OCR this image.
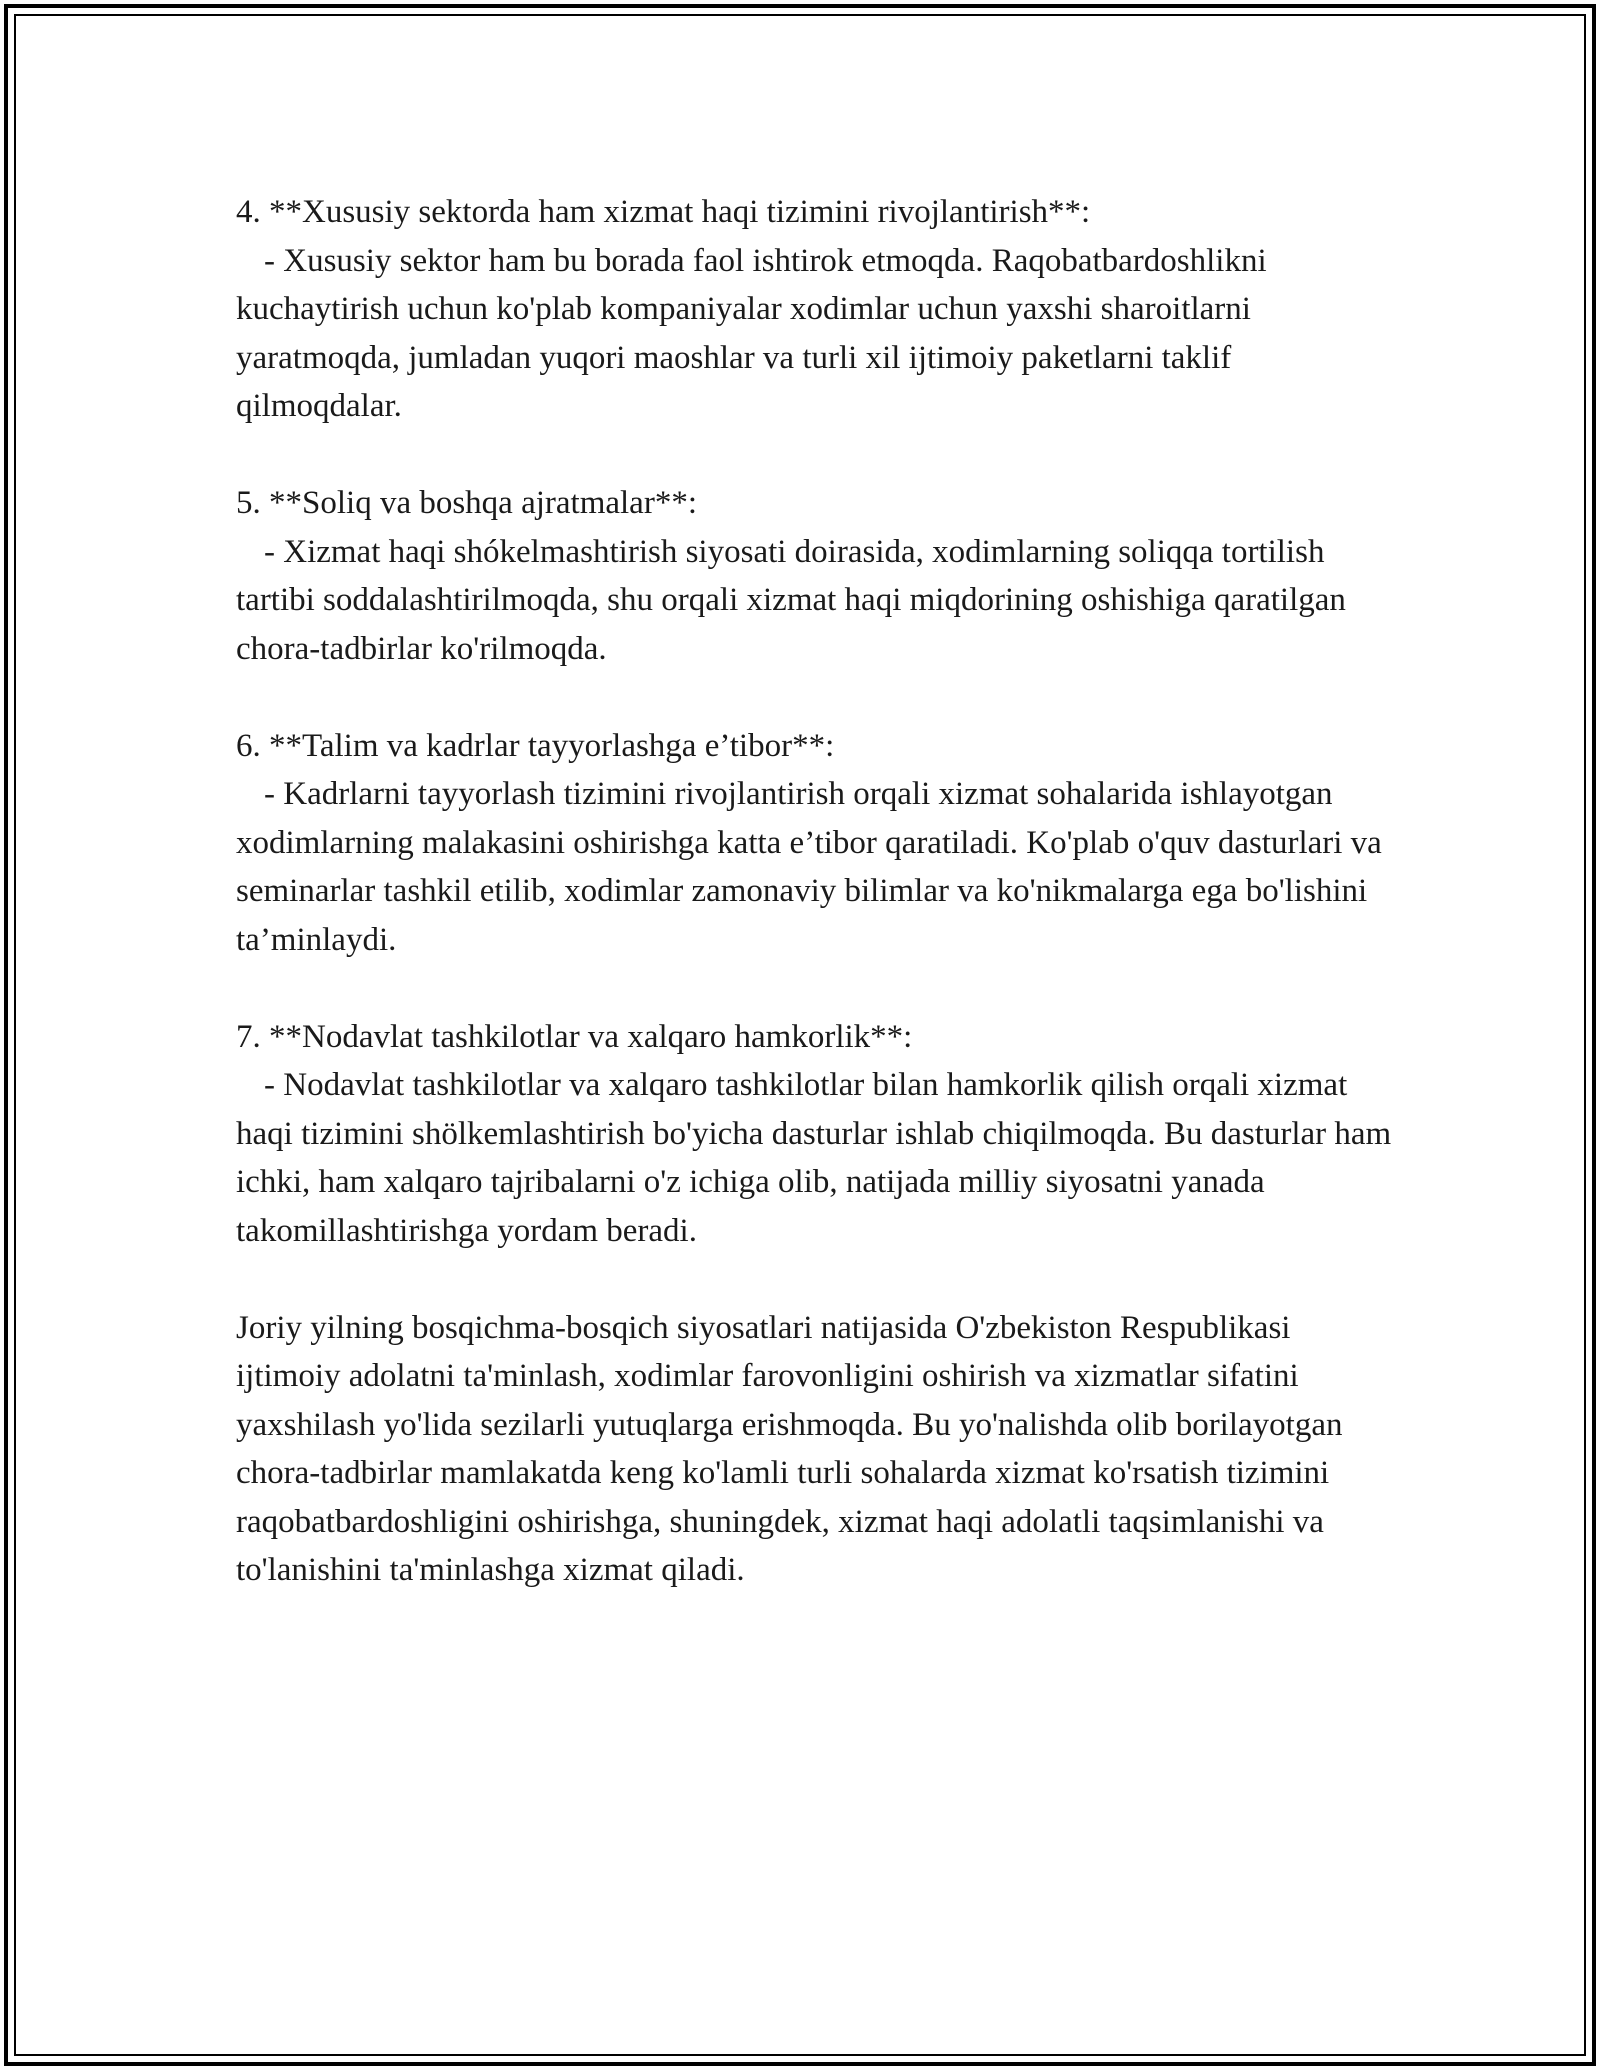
4. **Xususiy sektorda ham xizmat haqi tizimini rivojlantirish**:

- Xususiy sektor ham bu borada faol ishtirok etmoqda. Raqobatbardoshlikni kuchaytirish uchun ko'plab kompaniyalar xodimlar uchun yaxshi sharoitlarni yaratmoqda, jumladan yuqori maoshlar va turli xil ijtimoiy paketlarni taklif qilmoqdalar.

5. **Soliq va boshqa ajratmalar**:

- Xizmat haqi shókelmashtirish siyosati doirasida, xodimlarning soliqqa tortilish tartibi soddalashtirilmoqda, shu orqali xizmat haqi miqdorining oshishiga qaratilgan chora-tadbirlar ko'rilmoqda.

6. **Talim va kadrlar tayyorlashga e’tibor**:

- Kadrlarni tayyorlash tizimini rivojlantirish orqali xizmat sohalarida ishlayotgan xodimlarning malakasini oshirishga katta e’tibor qaratiladi. Ko'plab o'quv dasturlari va seminarlar tashkil etilib, xodimlar zamonaviy bilimlar va ko'nikmalarga ega bo'lishini ta’minlaydi.

7. **Nodavlat tashkilotlar va xalqaro hamkorlik**:

- Nodavlat tashkilotlar va xalqaro tashkilotlar bilan hamkorlik qilish orqali xizmat haqi tizimini shölkemlashtirish bo'yicha dasturlar ishlab chiqilmoqda. Bu dasturlar ham ichki, ham xalqaro tajribalarni o'z ichiga olib, natijada milliy siyosatni yanada takomillashtirishga yordam beradi.

Joriy yilning bosqichma-bosqich siyosatlari natijasida O'zbekiston Respublikasi ijtimoiy adolatni ta'minlash, xodimlar farovonligini oshirish va xizmatlar sifatini yaxshilash yo'lida sezilarli yutuqlarga erishmoqda. Bu yo'nalishda olib borilayotgan chora-tadbirlar mamlakatda keng ko'lamli turli sohalarda xizmat ko'rsatish tizimini raqobatbardoshligini oshirishga, shuningdek, xizmat haqi adolatli taqsimlanishi va to'lanishini ta'minlashga xizmat qiladi.
